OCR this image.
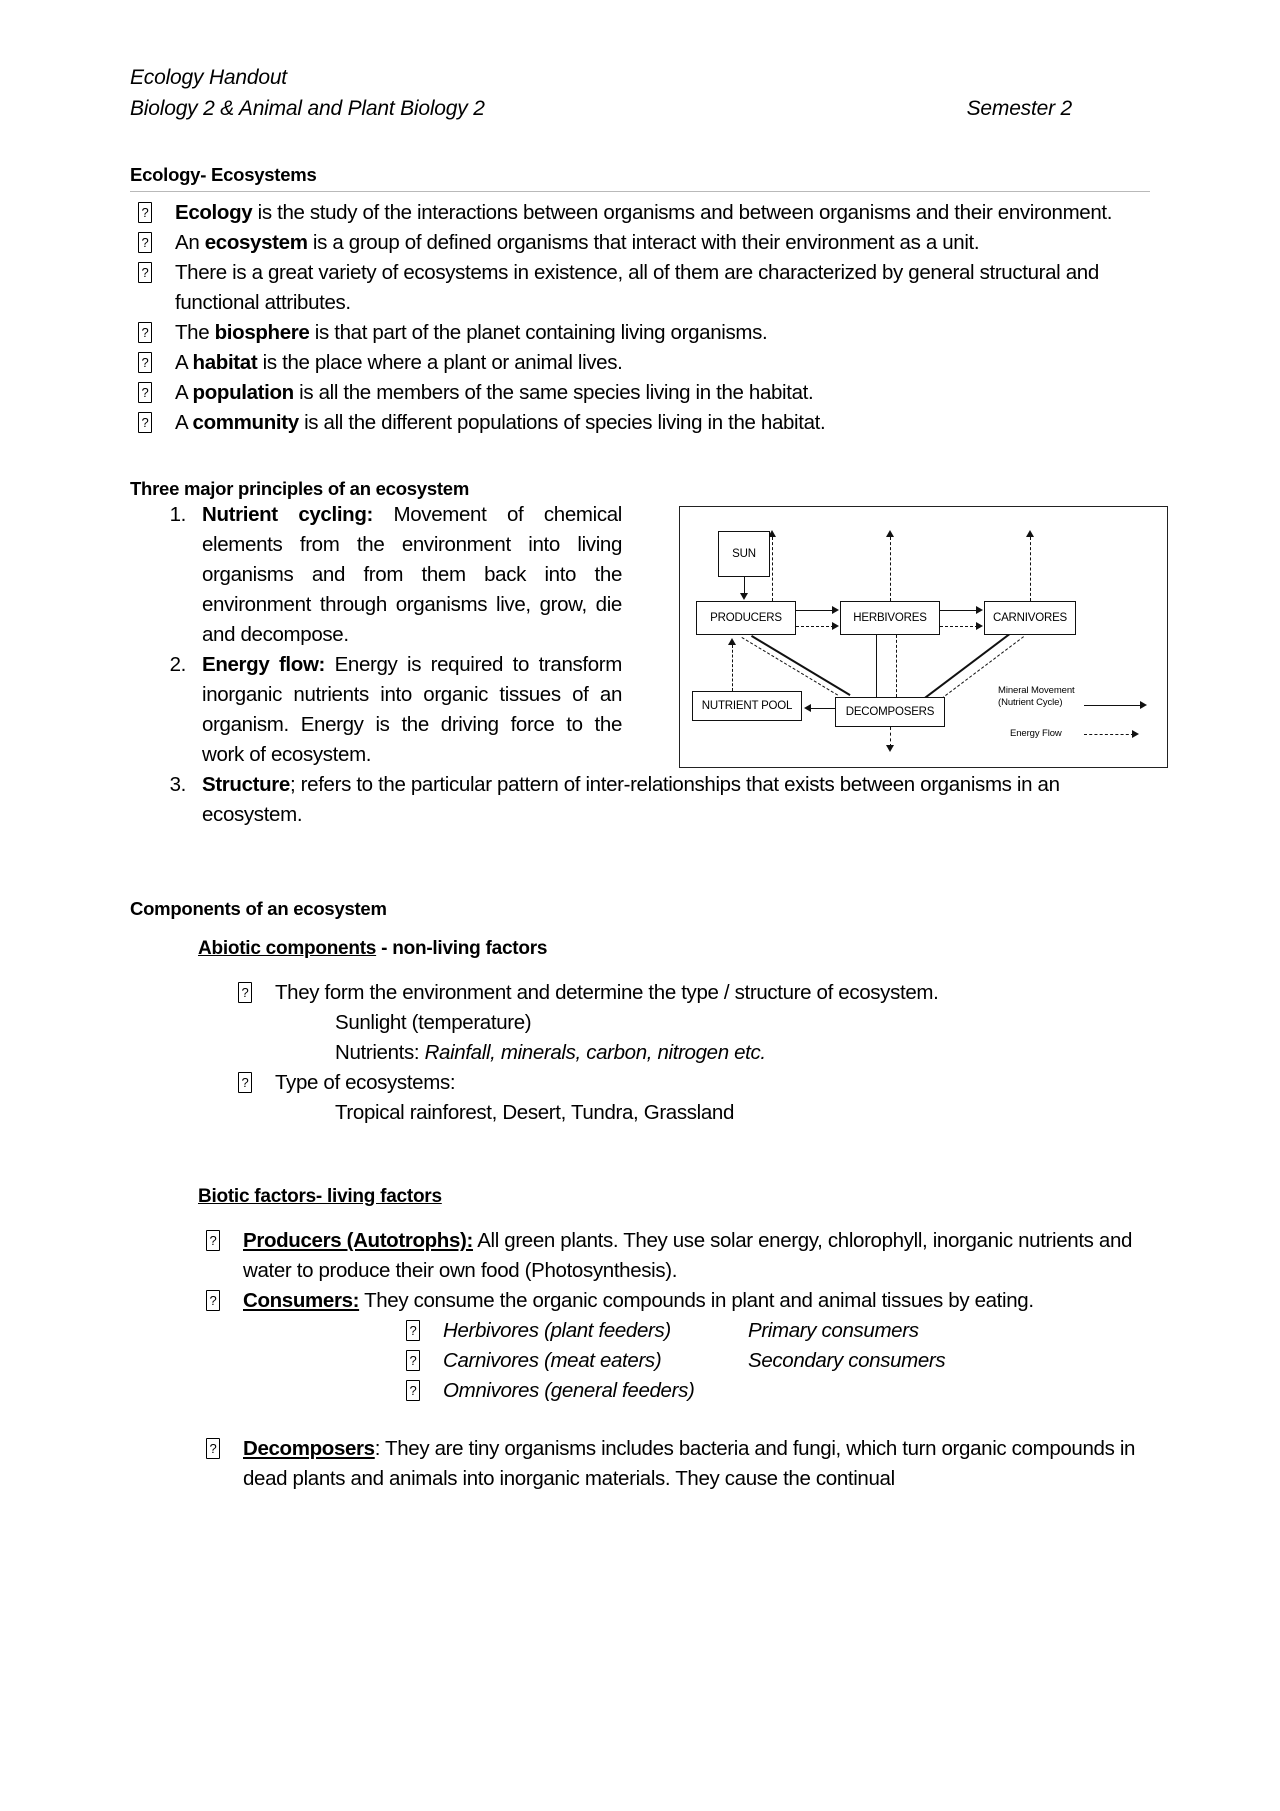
Ecology Handout
Biology 2 & Animal and Plant Biology 2	Semester 2
Ecology- Ecosystems
?
Ecology is the study of the interactions between organisms and between organisms and their environment.
?
An ecosystem is a group of defined organisms that interact with their environment as a unit.
?
There is a great variety of ecosystems in existence, all of them are characterized by general structural and functional attributes.
?
The biosphere is that part of the planet containing living organisms.
?
A habitat is the place where a plant or animal lives.
?
A population is all the members of the same species living in the habitat.
?
A community is all the different populations of species living in the habitat.
Three major principles of an ecosystem
SUN
PRODUCERS	HERBIVORES	CARNIVORES
NUTRIENT POOL	DECOMPOSERS
Mineral Movement
(Nutrient Cycle)
Energy Flow
1. Nutrient cycling: Movement of chemical elements from the environment into living organisms and from them back into the environment through organisms live, grow, die and decompose.
2. Energy flow: Energy is required to transform inorganic nutrients into organic tissues of an organism. Energy is the driving force to the work of ecosystem.
3. Structure; refers to the particular pattern of inter-relationships that exists between organisms in an ecosystem.
Components of an ecosystem
Abiotic components - non-living factors
?
They form the environment and determine the type / structure of ecosystem.
Sunlight (temperature)
Nutrients: Rainfall, minerals, carbon, nitrogen etc.
?
Type of ecosystems:
Tropical rainforest, Desert, Tundra, Grassland
Biotic factors- living factors
?
Producers (Autotrophs): All green plants. They use solar energy, chlorophyll, inorganic nutrients and water to produce their own food (Photosynthesis).
?
Consumers: They consume the organic compounds in plant and animal tissues by eating.
?
Herbivores (plant feeders)	Primary consumers
?
Carnivores (meat eaters)	Secondary consumers
?
Omnivores (general feeders)
?
Decomposers: They are tiny organisms includes bacteria and fungi, which turn organic compounds in dead plants and animals into inorganic materials. They cause the continual
